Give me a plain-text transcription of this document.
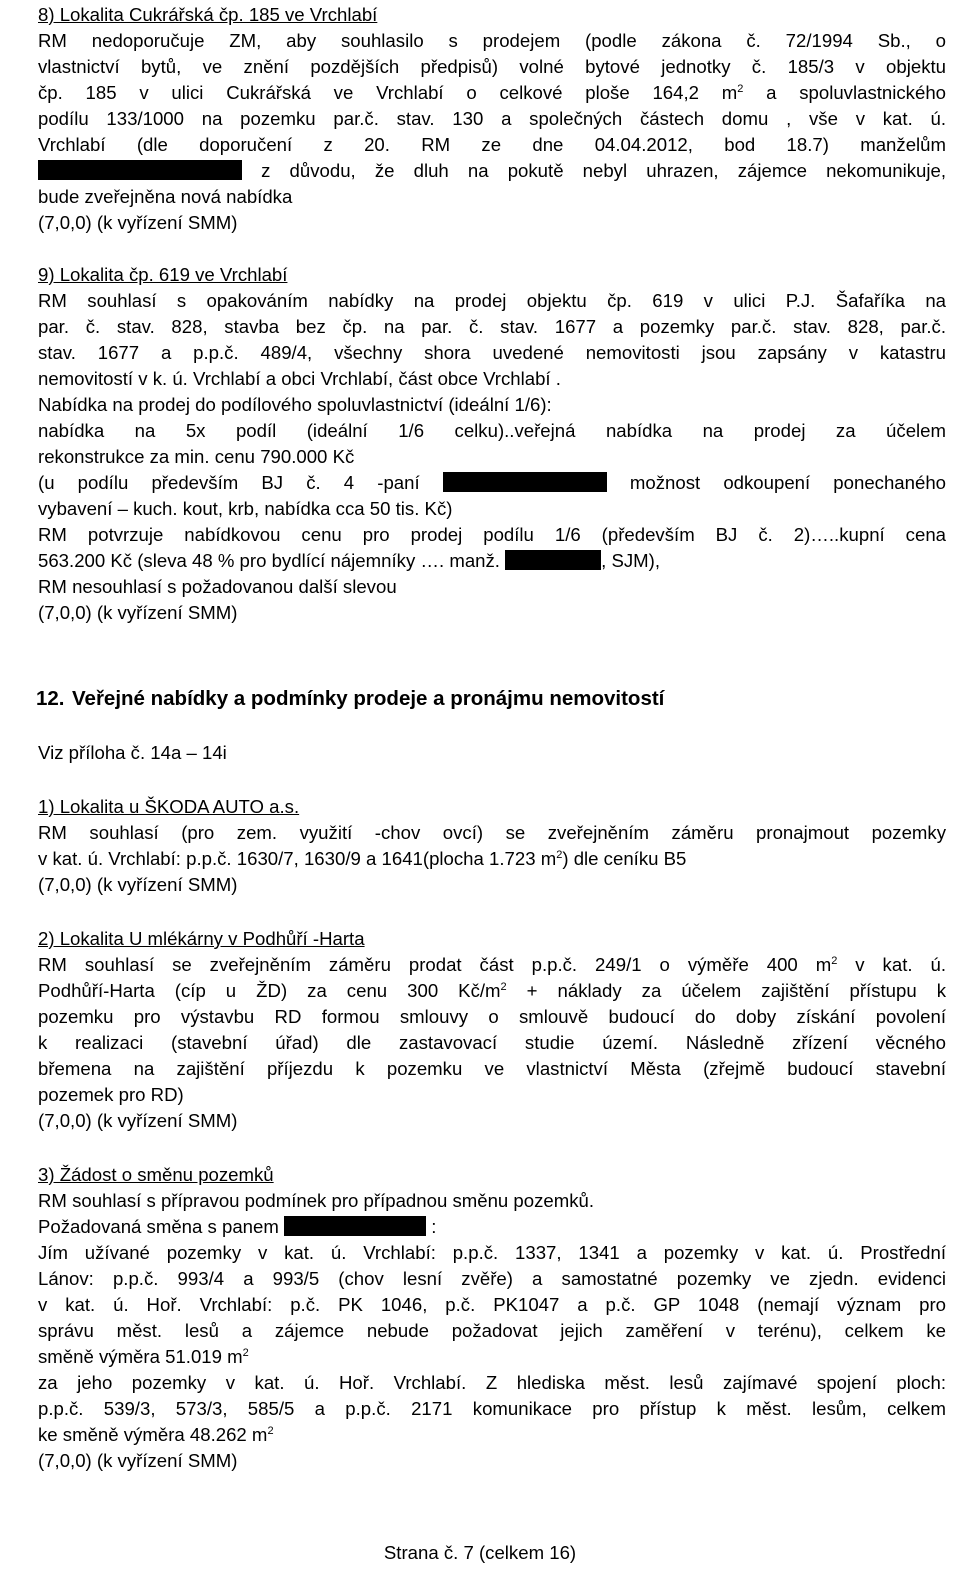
8) Lokalita Cukrářská čp. 185 ve Vrchlabí
RM nedoporučuje ZM, aby souhlasilo s prodejem (podle zákona č. 72/1994 Sb., o
vlastnictví bytů, ve znění pozdějších předpisů) volné bytové jednotky č. 185/3 v objektu
čp. 185 v ulici Cukrářská ve Vrchlabí o celkové ploše 164,2 $m^2$ a spoluvlastnického
podílu 133/1000 na pozemku par.č. stav. 130 a společných částech domu , vše v kat. ú.
Vrchlabí (dle doporučení z 20. RM ze dne 04.04.2012, bod 18.7) manželům
z důvodu, že dluh na pokutě nebyl uhrazen, zájemce nekomunikuje,
bude zveřejněna nová nabídka
(7,0,0) (k vyřízení SMM)
9) Lokalita čp. 619 ve Vrchlabí
RM souhlasí s opakováním nabídky na prodej objektu čp. 619 v ulici P.J. Šafaříka na
par. č. stav. 828, stavba bez čp. na par. č. stav. 1677 a pozemky par.č. stav. 828, par.č.
stav. 1677 a p.p.č. 489/4, všechny shora uvedené nemovitosti jsou zapsány v katastru
nemovitostí v k. ú. Vrchlabí a obci Vrchlabí, část obce Vrchlabí .
Nabídka na prodej do podílového spoluvlastnictví (ideální 1/6):
nabídka na 5x podíl (ideální 1/6 celku)..veřejná nabídka na prodej za účelem
rekonstrukce za min. cenu 790.000 Kč
(u podílu především BJ č. 4 -paní	možnost odkoupení ponechaného
vybavení – kuch. kout, krb, nabídka cca 50 tis. Kč)
RM potvrzuje nabídkovou cenu pro prodej podílu 1/6 (především BJ č. 2)…..kupní cena
563.200 Kč (sleva 48 % pro bydlící nájemníky …. manž.	, SJM),
RM nesouhlasí s požadovanou další slevou
(7,0,0) (k vyřízení SMM)
12. Veřejné nabídky a podmínky prodeje a pronájmu nemovitostí
Viz příloha č. 14a – 14i
1) Lokalita u ŠKODA AUTO a.s.
RM souhlasí (pro zem. využití -chov ovcí) se zveřejněním záměru pronajmout pozemky
v kat. ú. Vrchlabí: p.p.č. 1630/7, 1630/9 a 1641(plocha 1.723 $m^2$) dle ceníku B5
(7,0,0) (k vyřízení SMM)
2) Lokalita U mlékárny v Podhůří -Harta
RM souhlasí se zveřejněním záměru prodat část p.p.č. 249/1 o výměře 400 $m^2$ v kat. ú.
Podhůří-Harta (cíp u ŽD) za cenu 300 $Kč/m^2$ + náklady za účelem zajištění přístupu k
pozemku pro výstavbu RD formou smlouvy o smlouvě budoucí do doby získání povolení
k realizaci (stavební úřad) dle zastavovací studie území. Následně zřízení věcného
břemena na zajištění příjezdu k pozemku ve vlastnictví Města (zřejmě budoucí stavební
pozemek pro RD)
(7,0,0) (k vyřízení SMM)
3) Žádost o směnu pozemků
RM souhlasí s přípravou podmínek pro případnou směnu pozemků.
Požadovaná směna s panem	:
Jím užívané pozemky v kat. ú. Vrchlabí: p.p.č. 1337, 1341 a pozemky v kat. ú. Prostřední
Lánov: p.p.č. 993/4 a 993/5 (chov lesní zvěře) a samostatné pozemky ve zjedn. evidenci
v kat. ú. Hoř. Vrchlabí: p.č. PK 1046, p.č. PK1047 a p.č. GP 1048 (nemají význam pro
správu měst. lesů a zájemce nebude požadovat jejich zaměření v terénu), celkem ke
směně výměra 51.019 $m^2$
za jeho pozemky v kat. ú. Hoř. Vrchlabí. Z hlediska měst. lesů zajímavé spojení ploch:
p.p.č. 539/3, 573/3, 585/5 a p.p.č. 2171 komunikace pro přístup k měst. lesům, celkem
ke směně výměra 48.262 $m^2$
(7,0,0) (k vyřízení SMM)
Strana č. 7 (celkem 16)
